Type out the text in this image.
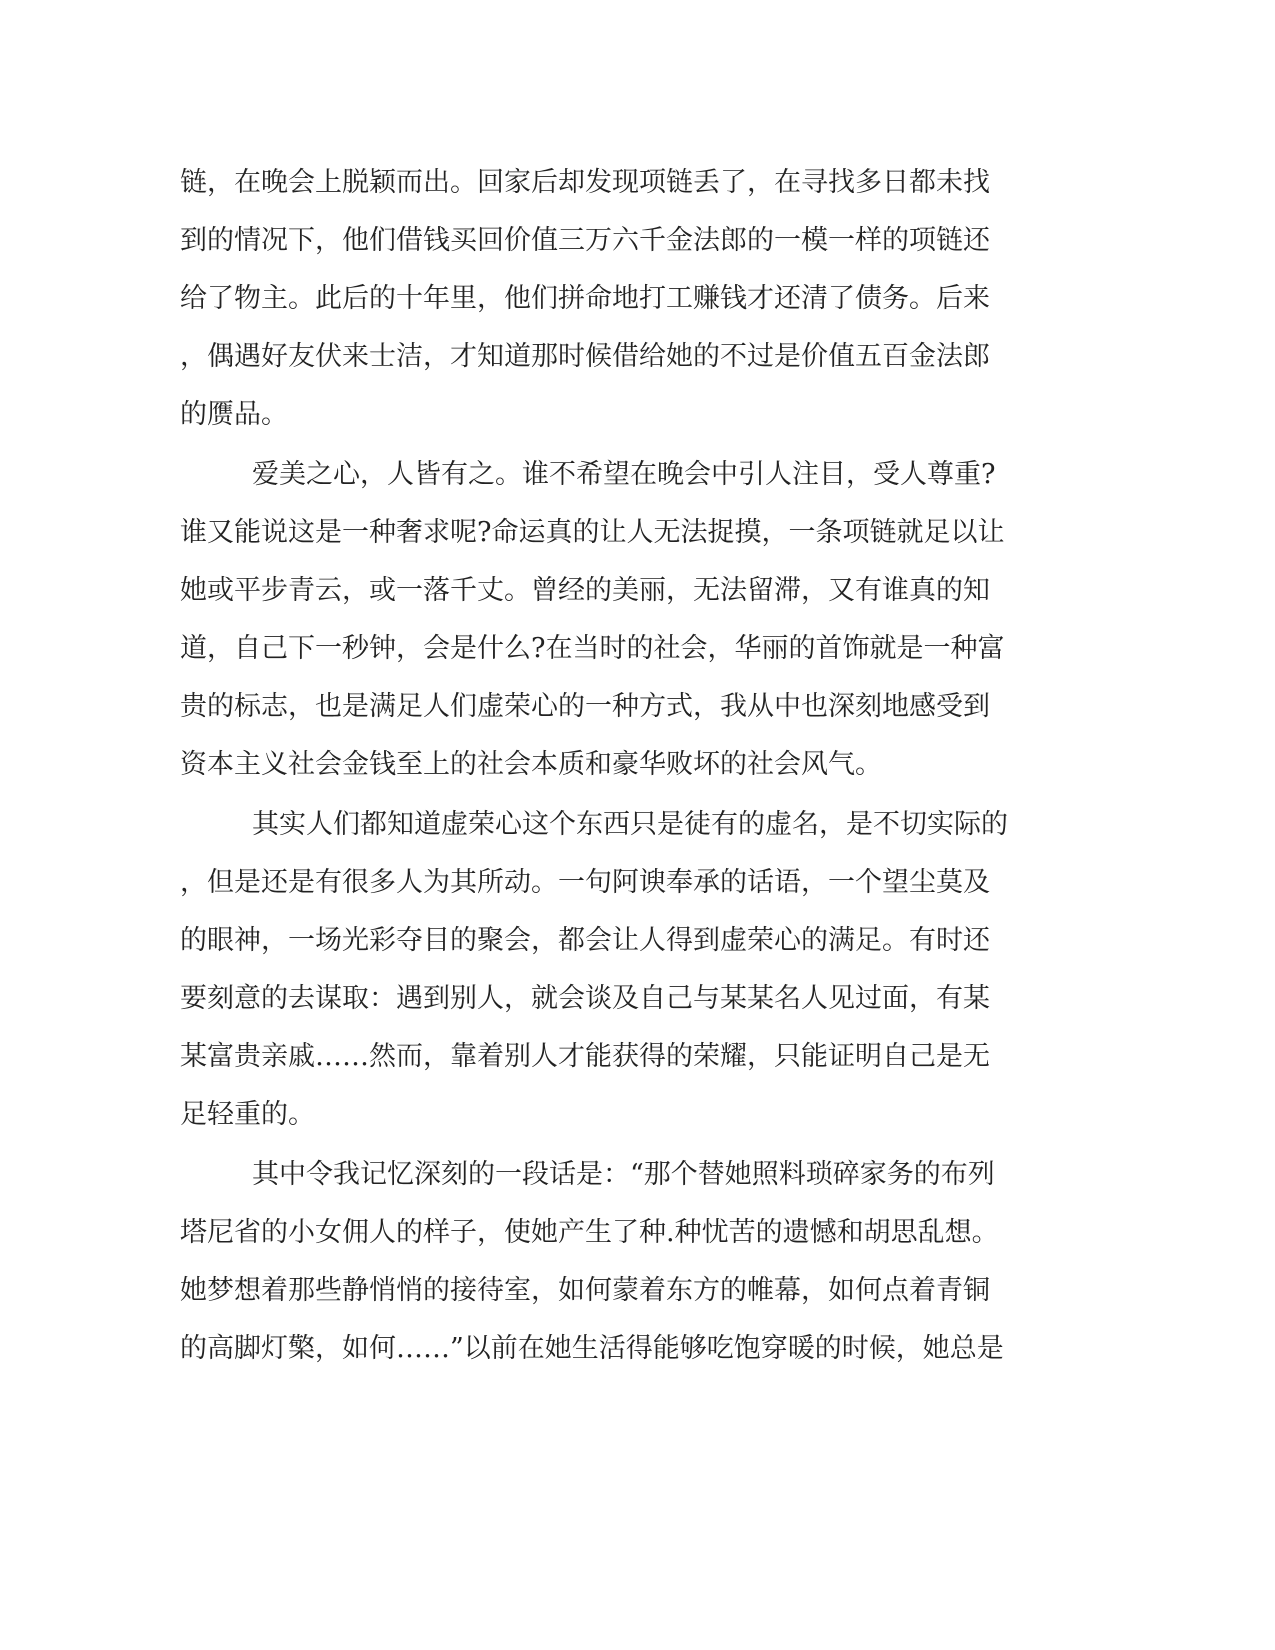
链，在晚会上脱颖而出。回家后却发现项链丢了，在寻找多日都未找
到的情况下，他们借钱买回价值三万六千金法郎的一模一样的项链还
给了物主。此后的十年里，他们拼命地打工赚钱才还清了债务。后来
，偶遇好友伏来士洁，才知道那时候借给她的不过是价值五百金法郎
的赝品。
爱美之心，人皆有之。谁不希望在晚会中引人注目，受人尊重?
谁又能说这是一种奢求呢?命运真的让人无法捉摸，一条项链就足以让
她或平步青云，或一落千丈。曾经的美丽，无法留滞，又有谁真的知
道，自己下一秒钟，会是什么?在当时的社会，华丽的首饰就是一种富
贵的标志，也是满足人们虚荣心的一种方式，我从中也深刻地感受到
资本主义社会金钱至上的社会本质和豪华败坏的社会风气。
其实人们都知道虚荣心这个东西只是徒有的虚名，是不切实际的
，但是还是有很多人为其所动。一句阿谀奉承的话语，一个望尘莫及
的眼神，一场光彩夺目的聚会，都会让人得到虚荣心的满足。有时还
要刻意的去谋取：遇到别人，就会谈及自己与某某名人见过面，有某
某富贵亲戚……然而，靠着别人才能获得的荣耀，只能证明自己是无
足轻重的。
其中令我记忆深刻的一段话是：“那个替她照料琐碎家务的布列
塔尼省的小女佣人的样子，使她产生了种.种忧苦的遗憾和胡思乱想。
她梦想着那些静悄悄的接待室，如何蒙着东方的帷幕，如何点着青铜
的高脚灯檠，如何……”以前在她生活得能够吃饱穿暖的时候，她总是
